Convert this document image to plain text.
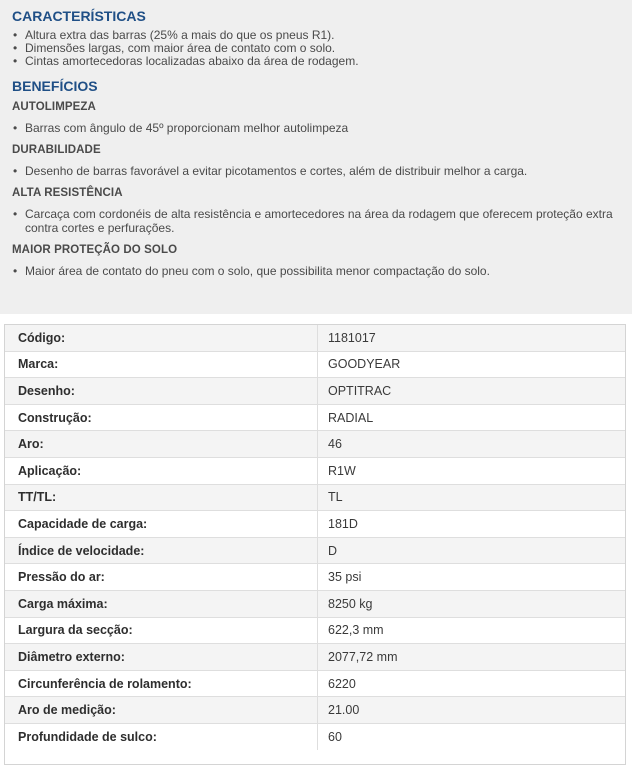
CARACTERÍSTICAS
• Altura extra das barras (25% a mais do que os pneus R1).
• Dimensões largas, com maior área de contato com o solo.
• Cintas amortecedoras localizadas abaixo da área de rodagem.
BENEFÍCIOS
AUTOLIMPEZA
• Barras com ângulo de 45º proporcionam melhor autolimpeza
DURABILIDADE
• Desenho de barras favorável a evitar picotamentos e cortes, além de distribuir melhor a carga.
ALTA RESISTÊNCIA
• Carcaça com cordonéis de alta resistência e amortecedores na área da rodagem que oferecem proteção extra contra cortes e perfurações.
MAIOR PROTEÇÃO DO SOLO
• Maior área de contato do pneu com o solo, que possibilita menor compactação do solo.
Código:	1181017
Marca:	GOODYEAR
Desenho:	OPTITRAC
Construção:	RADIAL
Aro:	46
Aplicação:	R1W
TT/TL:	TL
Capacidade de carga:	181D
Índice de velocidade:	D
Pressão do ar:	35 psi
Carga máxima:	8250 kg
Largura da secção:	622,3 mm
Diâmetro externo:	2077,72 mm
Circunferência de rolamento:	6220
Aro de medição:	21.00
Profundidade de sulco:	60
